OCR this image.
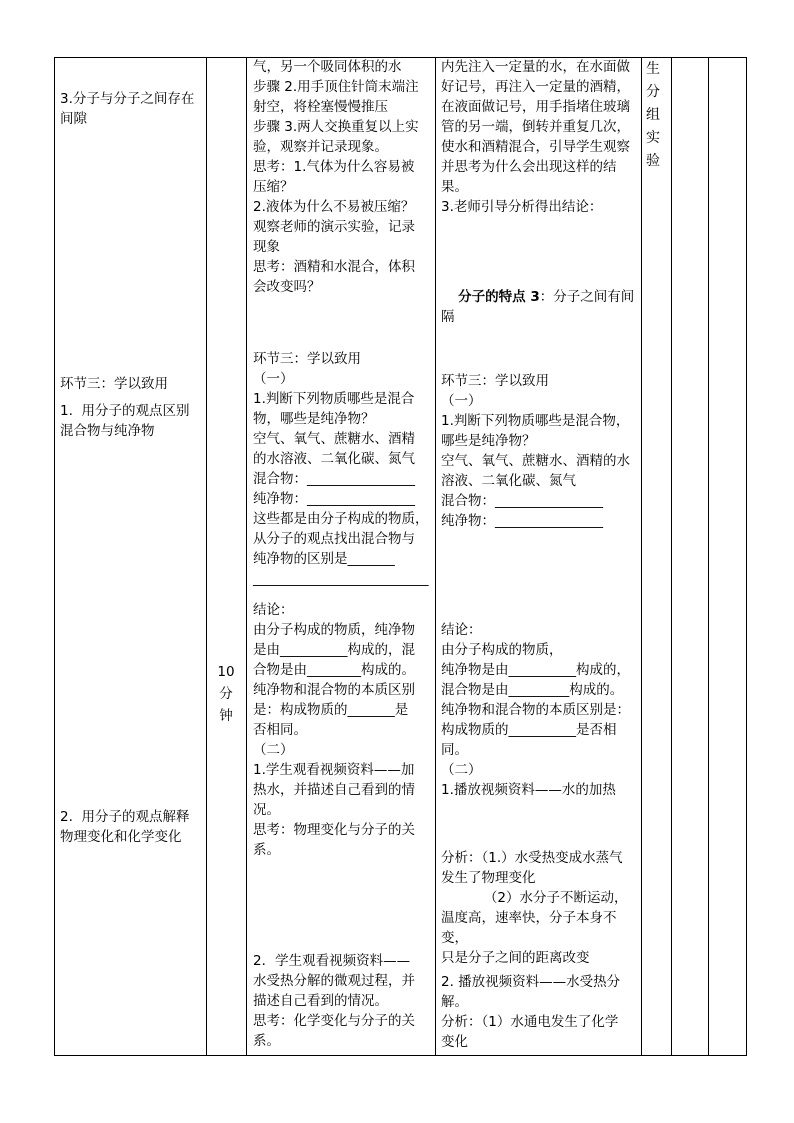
3.分子与分子之间存在
间隙
环节三：学以致用
1.  用分子的观点区别
混合物与纯净物
2.  用分子的观点解释
物理变化和化学变化
10
分
钟
气，另一个吸同体积的水
步骤 2.用手顶住针筒末端注
射空，将栓塞慢慢推压
步骤 3.两人交换重复以上实
验，观察并记录现象。
思考：1.气体为什么容易被
压缩？
2.液体为什么不易被压缩？
观察老师的演示实验，记录
现象
思考：酒精和水混合，体积
会改变吗？
环节三：学以致用
（一）
1.判断下列物质哪些是混合
物，哪些是纯净物？
空气、氧气、蔗糖水、酒精
的水溶液、二氧化碳、氮气
混合物：________________
纯净物：________________
这些都是由分子构成的物质，
从分子的观点找出混合物与
纯净物的区别是_______
__________________________
结论：
由分子构成的物质，纯净物
是由__________构成的，混
合物是由________构成的。
纯净物和混合物的本质区别
是：构成物质的_______是
否相同。
（二）
1.学生观看视频资料——加
热水，并描述自己看到的情
况。
思考：物理变化与分子的关
系。
2．学生观看视频资料——
水受热分解的微观过程，并
描述自己看到的情况。
思考：化学变化与分子的关
系。
内先注入一定量的水，在水面做
好记号，再注入一定量的酒精，
在液面做记号，用手指堵住玻璃
管的另一端，倒转并重复几次，
使水和酒精混合，引导学生观察
并思考为什么会出现这样的结
果。
3.老师引导分析得出结论：

分子的特点 3：分子之间有间隔

环节三：学以致用
（一）
1.判断下列物质哪些是混合物，
哪些是纯净物？
空气、氧气、蔗糖水、酒精的水
溶液、二氧化碳、氮气
混合物：________________
纯净物：________________
结论：
由分子构成的物质，
纯净物是由__________构成的，
混合物是由_________构成的。
纯净物和混合物的本质区别是：
构成物质的__________是否相
同。
（二）
1.播放视频资料——水的加热
分析：（1.）水受热变成水蒸气
发生了物理变化
（2）水分子不断运动，
温度高，速率快，分子本身不变，
只是分子之间的距离改变
2. 播放视频资料——水受热分
解。
分析：（1）水通电发生了化学
变化
生
分
组
实
验
